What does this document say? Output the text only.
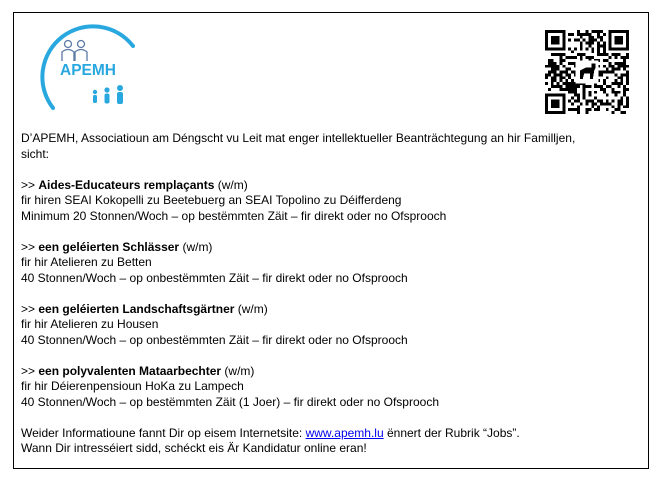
APEMH

D’APEMH, Associatioun am Déngscht vu Leit mat enger intellektueller Beanträchtegung an hir Familljen,

sicht:

>> Aides-Educateurs remplaçants (w/m)

fir hiren SEAI Kokopelli zu Beetebuerg an SEAI Topolino zu Déifferdeng

Minimum 20 Stonnen/Woch – op bestëmmten Zäit – fir direkt oder no Ofsprooch

>> een geléierten Schlässer (w/m)

fir hir Atelieren zu Betten

40 Stonnen/Woch – op onbestëmmten Zäit – fir direkt oder no Ofsprooch

>> een geléierten Landschaftsgärtner (w/m)

fir hir Atelieren zu Housen

40 Stonnen/Woch – op onbestëmmten Zäit – fir direkt oder no Ofsprooch

>> een polyvalenten Mataarbechter (w/m)

fir hir Déierenpensioun HoKa zu Lampech

40 Stonnen/Woch – op bestëmmten Zäit (1 Joer) – fir direkt oder no Ofsprooch

Weider Informatioune fannt Dir op eisem Internetsite: www.apemh.lu ënnert der Rubrik “Jobs”.

Wann Dir intresséiert sidd, schéckt eis Är Kandidatur online eran!
